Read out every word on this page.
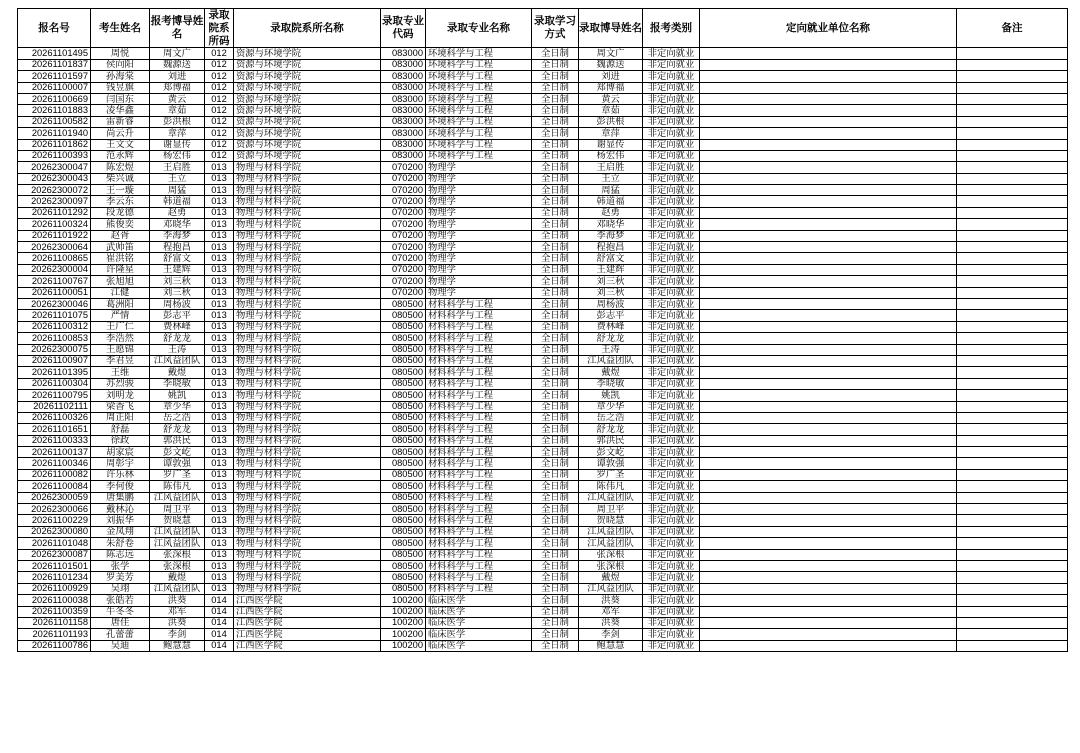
报名号	考生姓名	报考博导姓名	录取院系所码	录取院系所名称	录取专业代码	录取专业名称	录取学习方式	录取博导姓名	报考类别	定向就业单位名称	备注
20261101495	周悦	周文广	012	资源与环境学院	083000	环境科学与工程	全日制	周文广	非定向就业		
20261101837	侯向阳	魏源送	012	资源与环境学院	083000	环境科学与工程	全日制	魏源送	非定向就业		
20261101597	孙海棠	刘进	012	资源与环境学院	083000	环境科学与工程	全日制	刘进	非定向就业		
20261100007	钱昱旗	郑博福	012	资源与环境学院	083000	环境科学与工程	全日制	郑博福	非定向就业		
20261100669	闫国东	黄云	012	资源与环境学院	083000	环境科学与工程	全日制	黄云	非定向就业		
20261101883	凌华鑫	章茹	012	资源与环境学院	083000	环境科学与工程	全日制	章茹	非定向就业		
20261100582	雷新睿	彭洪根	012	资源与环境学院	083000	环境科学与工程	全日制	彭洪根	非定向就业		
20261101940	尚云升	章萍	012	资源与环境学院	083000	环境科学与工程	全日制	章萍	非定向就业		
20261101862	王文文	谢显传	012	资源与环境学院	083000	环境科学与工程	全日制	谢显传	非定向就业		
20261100393	范永辉	杨宏伟	012	资源与环境学院	083000	环境科学与工程	全日制	杨宏伟	非定向就业		
20262300047	陈宏煜	王启胜	013	物理与材料学院	070200	物理学	全日制	王启胜	非定向就业		
20262300043	柴兴诚	王立	013	物理与材料学院	070200	物理学	全日制	王立	非定向就业		
20262300072	王一璇	周猛	013	物理与材料学院	070200	物理学	全日制	周猛	非定向就业		
20262300097	李云东	韩道福	013	物理与材料学院	070200	物理学	全日制	韩道福	非定向就业		
20261101292	段龙德	赵勇	013	物理与材料学院	070200	物理学	全日制	赵勇	非定向就业		
20261100324	熊俊奕	邓晓华	013	物理与材料学院	070200	物理学	全日制	邓晓华	非定向就业		
20261101922	赵胥	李海梦	013	物理与材料学院	070200	物理学	全日制	李海梦	非定向就业		
20262300064	武帅笛	程抱昌	013	物理与材料学院	070200	物理学	全日制	程抱昌	非定向就业		
20261100865	崔洪铭	舒富文	013	物理与材料学院	070200	物理学	全日制	舒富文	非定向就业		
20262300004	许隆星	王建辉	013	物理与材料学院	070200	物理学	全日制	王建辉	非定向就业		
20261100767	张旭旭	刘三秋	013	物理与材料学院	070200	物理学	全日制	刘三秋	非定向就业		
20261100051	江健	刘三秋	013	物理与材料学院	070200	物理学	全日制	刘三秋	非定向就业		
20262300046	葛洲阳	周杨波	013	物理与材料学院	080500	材料科学与工程	全日制	周杨波	非定向就业		
20261101075	严情	彭志平	013	物理与材料学院	080500	材料科学与工程	全日制	彭志平	非定向就业		
20261100312	王广仁	费林峰	013	物理与材料学院	080500	材料科学与工程	全日制	费林峰	非定向就业		
20261100853	李浩然	舒龙龙	013	物理与材料学院	080500	材料科学与工程	全日制	舒龙龙	非定向就业		
20262300075	王愿锦	王涛	013	物理与材料学院	080500	材料科学与工程	全日制	王涛	非定向就业		
20261100907	李君昱	江风益团队	013	物理与材料学院	080500	材料科学与工程	全日制	江风益团队	非定向就业		
20261101395	王维	戴煜	013	物理与材料学院	080500	材料科学与工程	全日制	戴煜	非定向就业		
20261100304	苏烈骏	李晓敏	013	物理与材料学院	080500	材料科学与工程	全日制	李晓敏	非定向就业		
20261100795	刘明龙	姚凯	013	物理与材料学院	080500	材料科学与工程	全日制	姚凯	非定向就业		
20261102111	梁香飞	章少华	013	物理与材料学院	080500	材料科学与工程	全日制	章少华	非定向就业		
20261100326	周正阳	岳之浩	013	物理与材料学院	080500	材料科学与工程	全日制	岳之浩	非定向就业		
20261101651	舒磊	舒龙龙	013	物理与材料学院	080500	材料科学与工程	全日制	舒龙龙	非定向就业		
20261100333	徐政	郭洪民	013	物理与材料学院	080500	材料科学与工程	全日制	郭洪民	非定向就业		
20261100137	胡家宸	彭文屹	013	物理与材料学院	080500	材料科学与工程	全日制	彭文屹	非定向就业		
20261100346	周彰宇	谭敦强	013	物理与材料学院	080500	材料科学与工程	全日制	谭敦强	非定向就业		
20261100082	许乐林	罗广圣	013	物理与材料学院	080500	材料科学与工程	全日制	罗广圣	非定向就业		
20261100084	李何俊	陈伟凡	013	物理与材料学院	080500	材料科学与工程	全日制	陈伟凡	非定向就业		
20262300059	唐集鹏	江风益团队	013	物理与材料学院	080500	材料科学与工程	全日制	江风益团队	非定向就业		
20262300066	戴林沁	周卫平	013	物理与材料学院	080500	材料科学与工程	全日制	周卫平	非定向就业		
20261100229	刘振华	贺晓慧	013	物理与材料学院	080500	材料科学与工程	全日制	贺晓慧	非定向就业		
20262300080	金凤翔	江风益团队	013	物理与材料学院	080500	材料科学与工程	全日制	江风益团队	非定向就业		
20261101048	朱舒卷	江风益团队	013	物理与材料学院	080500	材料科学与工程	全日制	江风益团队	非定向就业		
20262300087	陈志远	张深根	013	物理与材料学院	080500	材料科学与工程	全日制	张深根	非定向就业		
20261101501	张学	张深根	013	物理与材料学院	080500	材料科学与工程	全日制	张深根	非定向就业		
20261101234	罗美芳	戴煜	013	物理与材料学院	080500	材料科学与工程	全日制	戴煜	非定向就业		
20261100929	吴翊	江风益团队	013	物理与材料学院	080500	材料科学与工程	全日制	江风益团队	非定向就业		
20261100038	张皓若	洪葵	014	江西医学院	100200	临床医学	全日制	洪葵	非定向就业		
20261100359	牛冬冬	邓军	014	江西医学院	100200	临床医学	全日制	邓军	非定向就业		
20261101158	唐佳	洪葵	014	江西医学院	100200	临床医学	全日制	洪葵	非定向就业		
20261101193	孔蕾蕾	李剑	014	江西医学院	100200	临床医学	全日制	李剑	非定向就业		
20261100786	吴迪	鲍慧慧	014	江西医学院	100200	临床医学	全日制	鲍慧慧	非定向就业		
